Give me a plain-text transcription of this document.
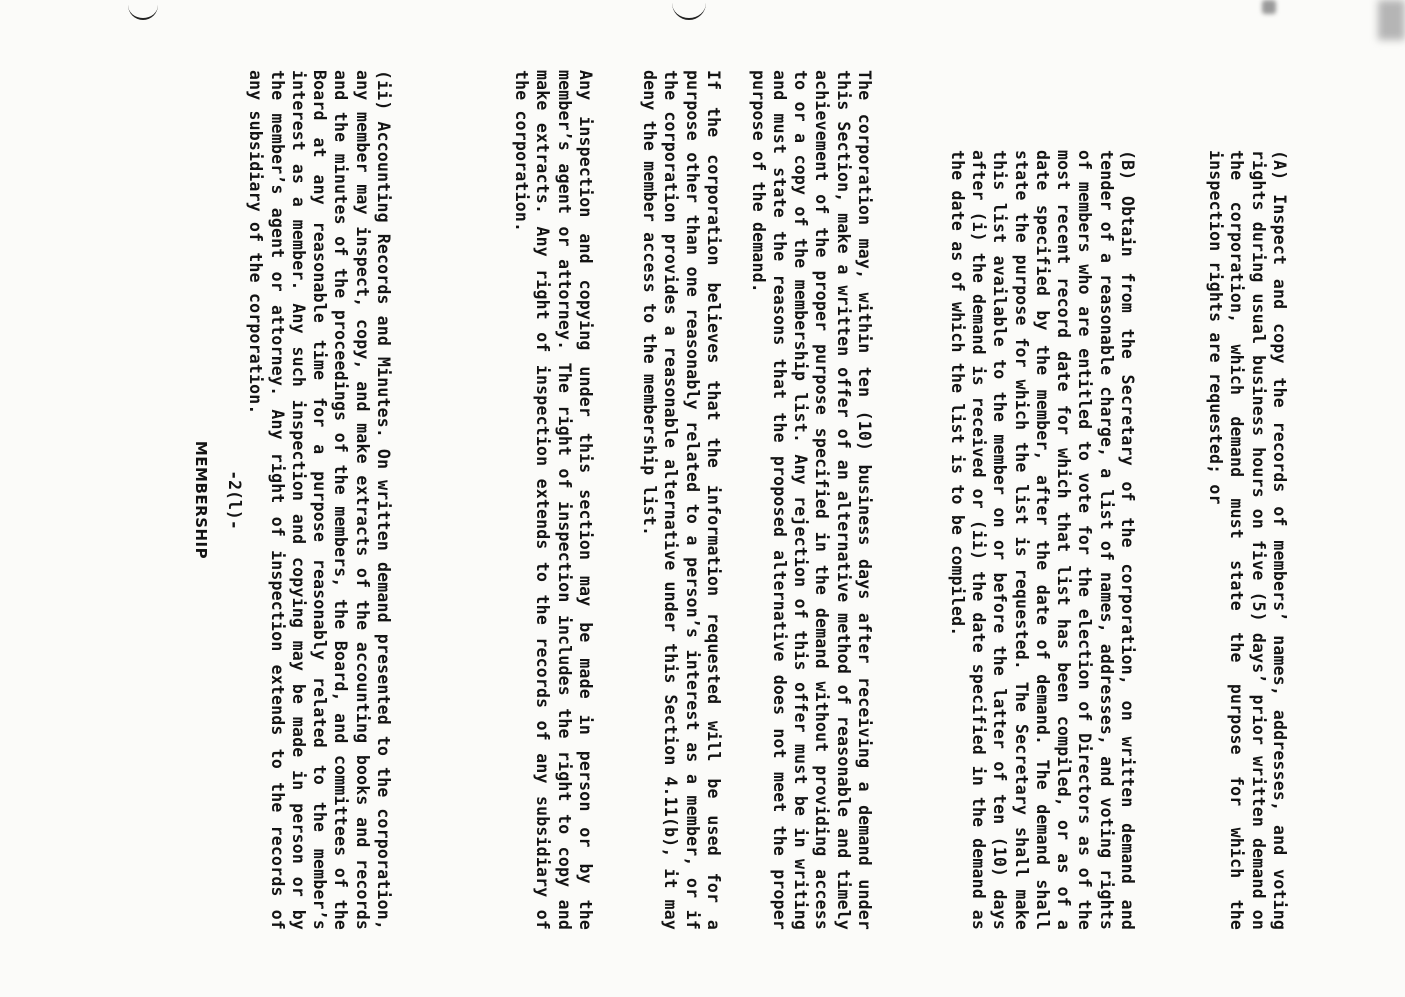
(A) Inspect and copy the records of members’ names, addresses, and voting rights during usual business hours on five (5) days’ prior written demand on the corporation, which demand must state the purpose for which the inspection rights are requested; or

(B) Obtain from the Secretary of the corporation, on written demand and tender of a reasonable charge, a list of names, addresses, and voting rights of members who are entitled to vote for the election of Directors as of the most recent record date for which that list has been compiled, or as of a date specified by the member, after the date of demand. The demand shall state the purpose for which the list is requested. The Secretary shall make this list available to the member on or before the latter of ten (10) days after (i) the demand is received or (ii) the date specified in the demand as the date as of which the list is to be compiled.

The corporation may, within ten (10) business days after receiving a demand under this Section, make a written offer of an alternative method of reasonable and timely achievement of the proper purpose specified in the demand without providing access to or a copy of the membership list. Any rejection of this offer must be in writing and must state the reasons that the proposed alternative does not meet the proper purpose of the demand.

If the corporation believes that the information requested will be used for a purpose other than one reasonably related to a person’s interest as a member, or if the corporation provides a reasonable alternative under this Section 4.11(b), it may deny the member access to the membership list.

Any inspection and copying under this section may be made in person or by the member’s agent or attorney. The right of inspection includes the right to copy and make extracts. Any right of inspection extends to the records of any subsidiary of the corporation.

(ii) Accounting Records and Minutes. On written demand presented to the corporation, any member may inspect, copy, and make extracts of the accounting books and records and the minutes of the proceedings of the members, the Board, and committees of the Board at any reasonable time for a purpose reasonably related to the member’s interest as a member. Any such inspection and copying may be made in person or by the member’s agent or attorney. Any right of inspection extends to the records of any subsidiary of the corporation.

-2(l)-

MEMBERSHIP
